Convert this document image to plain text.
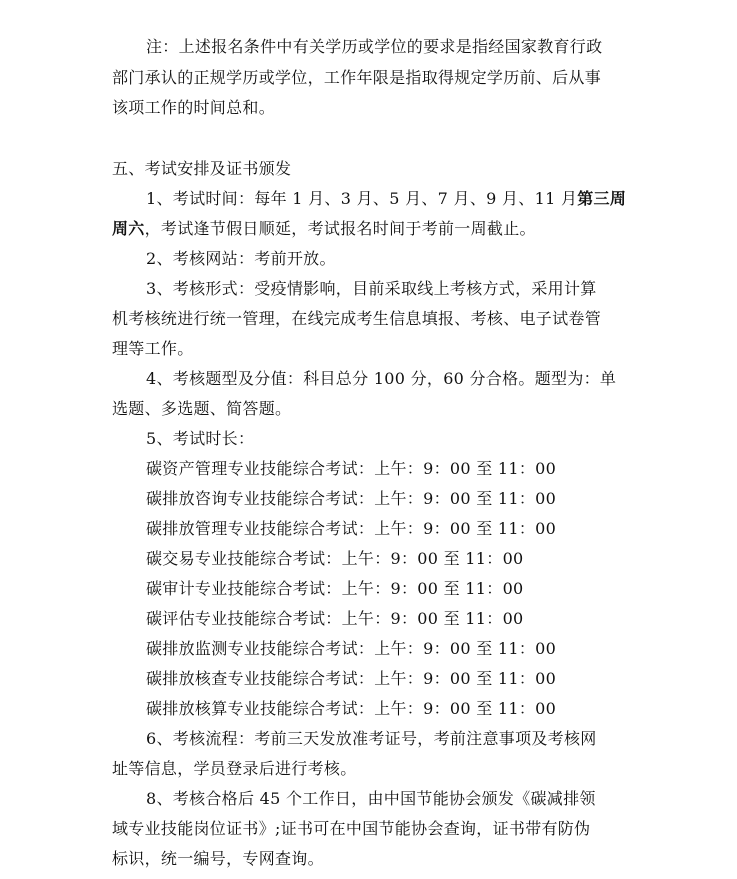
注：上述报名条件中有关学历或学位的要求是指经国家教育行政
部门承认的正规学历或学位，工作年限是指取得规定学历前、后从事
该项工作的时间总和。
五、考试安排及证书颁发
1、考试时间：每年 1 月、3 月、5 月、7 月、9 月、11 月第三周
周六，考试逢节假日顺延，考试报名时间于考前一周截止。
2、考核网站：考前开放。
3、考核形式：受疫情影响，目前采取线上考核方式，采用计算
机考核统进行统一管理，在线完成考生信息填报、考核、电子试卷管
理等工作。
4、考核题型及分值：科目总分 100 分，60 分合格。题型为：单
选题、多选题、简答题。
5、考试时长：
碳资产管理专业技能综合考试：上午：9：00 至 11：00
碳排放咨询专业技能综合考试：上午：9：00 至 11：00
碳排放管理专业技能综合考试：上午：9：00 至 11：00
碳交易专业技能综合考试：上午：9：00 至 11：00
碳审计专业技能综合考试：上午：9：00 至 11：00
碳评估专业技能综合考试：上午：9：00 至 11：00
碳排放监测专业技能综合考试：上午：9：00 至 11：00
碳排放核查专业技能综合考试：上午：9：00 至 11：00
碳排放核算专业技能综合考试：上午：9：00 至 11：00
6、考核流程：考前三天发放准考证号，考前注意事项及考核网
址等信息，学员登录后进行考核。
8、考核合格后 45 个工作日，由中国节能协会颁发《碳减排领
域专业技能岗位证书》;证书可在中国节能协会查询，证书带有防伪
标识，统一编号，专网查询。
